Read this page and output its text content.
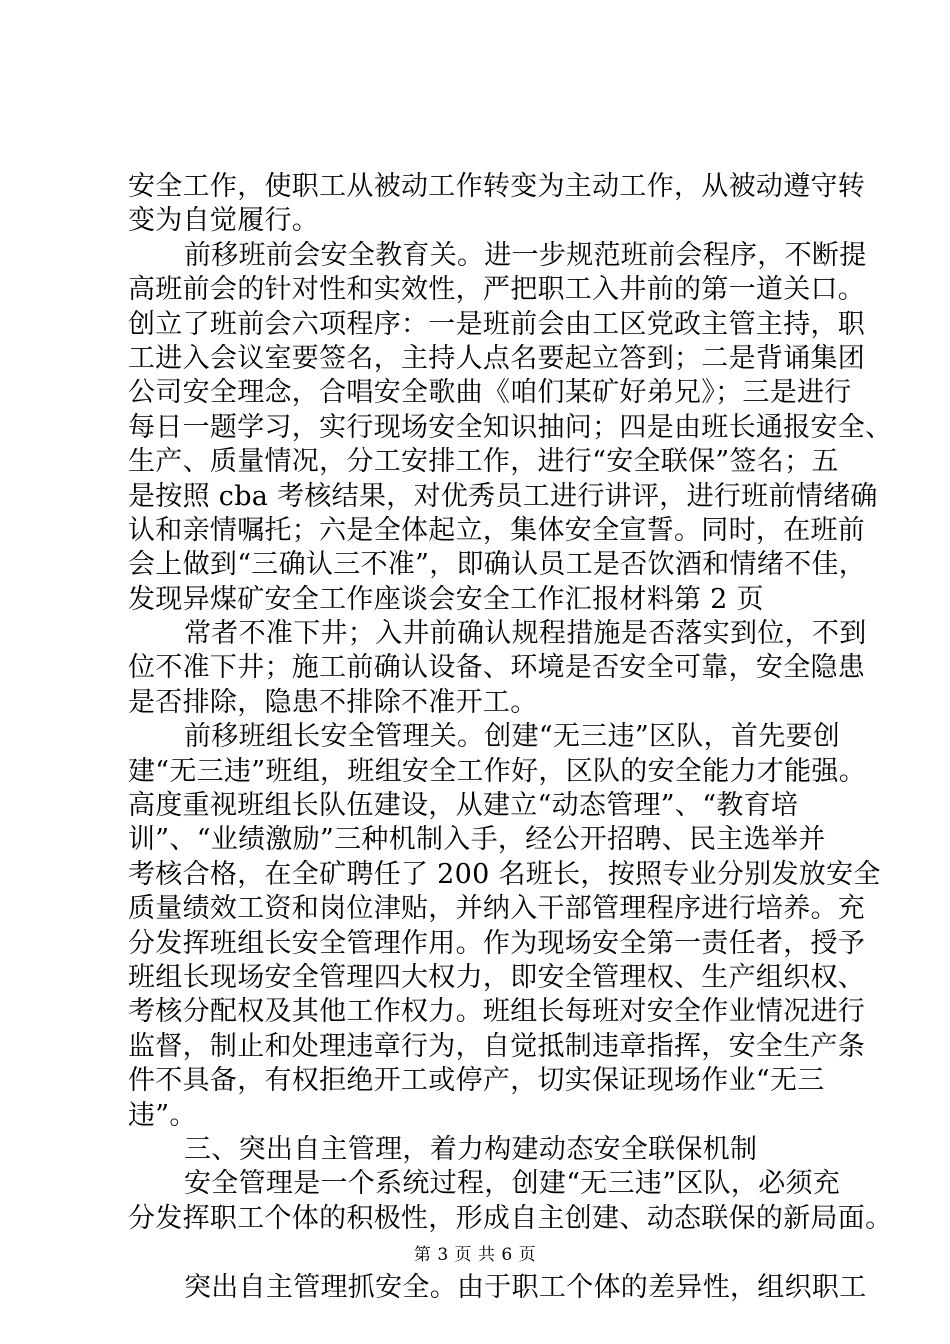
安全工作，使职工从被动工作转变为主动工作，从被动遵守转
变为自觉履行。
前移班前会安全教育关。进一步规范班前会程序，不断提
高班前会的针对性和实效性，严把职工入井前的第一道关口。
创立了班前会六项程序：一是班前会由工区党政主管主持，职
工进入会议室要签名，主持人点名要起立答到；二是背诵集团
公司安全理念，合唱安全歌曲《咱们某矿好弟兄》；三是进行
每日一题学习，实行现场安全知识抽问；四是由班长通报安全、
生产、质量情况，分工安排工作，进行“安全联保”签名；五
是按照 cba 考核结果，对优秀员工进行讲评，进行班前情绪确
认和亲情嘱托；六是全体起立，集体安全宣誓。同时，在班前
会上做到“三确认三不准”，即确认员工是否饮酒和情绪不佳，
发现异煤矿安全工作座谈会安全工作汇报材料第 2 页
常者不准下井；入井前确认规程措施是否落实到位，不到
位不准下井；施工前确认设备、环境是否安全可靠，安全隐患
是否排除，隐患不排除不准开工。
前移班组长安全管理关。创建“无三违”区队，首先要创
建“无三违”班组，班组安全工作好，区队的安全能力才能强。
高度重视班组长队伍建设，从建立“动态管理”、“教育培
训”、“业绩激励”三种机制入手，经公开招聘、民主选举并
考核合格，在全矿聘任了 200 名班长，按照专业分别发放安全
质量绩效工资和岗位津贴，并纳入干部管理程序进行培养。充
分发挥班组长安全管理作用。作为现场安全第一责任者，授予
班组长现场安全管理四大权力，即安全管理权、生产组织权、
考核分配权及其他工作权力。班组长每班对安全作业情况进行
监督，制止和处理违章行为，自觉抵制违章指挥，安全生产条
件不具备，有权拒绝开工或停产，切实保证现场作业“无三
违”。
三、突出自主管理，着力构建动态安全联保机制
安全管理是一个系统过程，创建“无三违”区队，必须充
分发挥职工个体的积极性，形成自主创建、动态联保的新局面。
突出自主管理抓安全。由于职工个体的差异性，组织职工
第 3 页 共 6 页
